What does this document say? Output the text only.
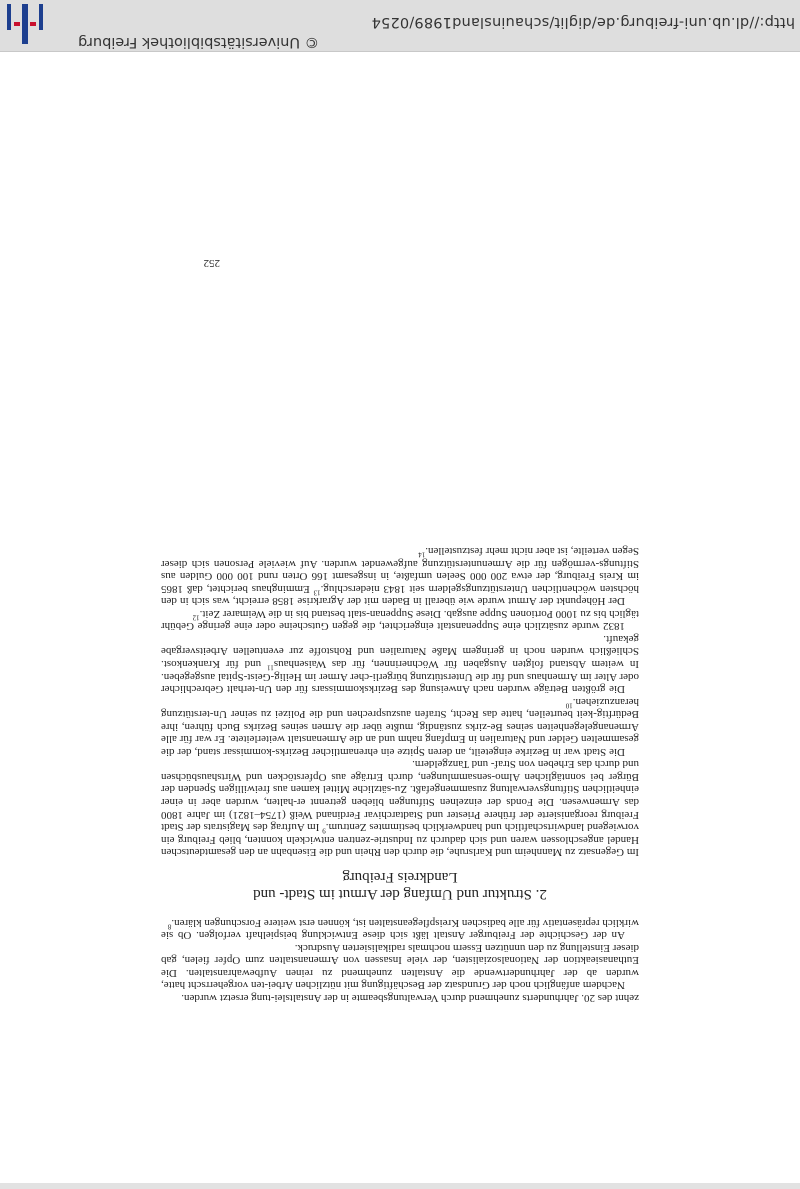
zehnt des 20. Jahrhunderts zunehmend durch Verwaltungsbeamte in der Anstaltslei-tung ersetzt wurden.

Nachdem anfänglich noch der Grundsatz der Beschäftigung mit nützlichen Arbei-ten vorgeherrscht hatte, wurden ab der Jahrhundertwende die Anstalten zunehmend zu reinen Aufbewahranstalten. Die Euthanasieaktion der Nationalsozialisten, der viele Insassen von Armenanstalten zum Opfer fielen, gab dieser Einstellung zu den unnützen Essern nochmals radikalisierten Ausdruck.

An der Geschichte der Freiburger Anstalt läßt sich diese Entwicklung beispielhaft verfolgen. Ob sie wirklich repräsentativ für alle badischen Kreispflegeanstalten ist, können erst weitere Forschungen klären.$^8$

2. Struktur und Umfang der Armut im Stadt- und
Landkreis Freiburg

Im Gegensatz zu Mannheim und Karlsruhe, die durch den Rhein und die Eisenbahn an den gesamtdeutschen Handel angeschlossen waren und sich dadurch zu Industrie-zentren entwickeln konnten, blieb Freiburg ein vorwiegend landwirtschaftlich und handwerklich bestimmtes Zentrum.$^9$ Im Auftrag des Magistrats der Stadt Freiburg reorganisierte der frühere Priester und Stadtarchivar Ferdinand Weiß (1754–1821) im Jahre 1800 das Armenwesen. Die Fonds der einzelnen Stiftungen blieben getrennt er-halten, wurden aber in einer einheitlichen Stiftungsverwaltung zusammengefaßt. Zu-sätzliche Mittel kamen aus freiwilligen Spenden der Bürger bei sonntäglichen Almo-sensammlungen, durch Erträge aus Opferstöcken und Wirtshausbüchsen und durch das Erheben von Straf- und Tanzgeldern.

Die Stadt war in Bezirke eingeteilt, an deren Spitze ein ehrenamtlicher Bezirks-kommissar stand, der die gesammelten Gelder und Naturalien in Empfang nahm und an die Armenanstalt weiterleitete. Er war für alle Armenangelegenheiten seines Be-zirks zuständig, mußte über die Armen seines Bezirks Buch führen, ihre Bedürftig-keit beurteilen, hatte das Recht, Strafen auszusprechen und die Polizei zu seiner Un-terstützung heranzuziehen.$^{10}$

Die größten Beträge wurden nach Anweisung des Bezirkskommissars für den Un-terhalt Gebrechlicher oder Alter im Armenhaus und für die Unterstützung bürgerli-cher Armer im Heilig-Geist-Spital ausgegeben. In weitem Abstand folgten Ausgaben für Wöchnerinnen, für das Waisenhaus$^{11}$ und für Krankenkost. Schließlich wurden noch in geringem Maße Naturalien und Rohstoffe zur eventuellen Arbeitsvergabe gekauft.

1832 wurde zusätzlich eine Suppenanstalt eingerichtet, die gegen Gutscheine oder eine geringe Gebühr täglich bis zu 1000 Portionen Suppe ausgab. Diese Suppenan-stalt bestand bis in die Weimarer Zeit.$^{12}$

Der Höhepunkt der Armut wurde wie überall in Baden mit der Agrarkrise 1858 erreicht, was sich in den höchsten wöchentlichen Unterstützungsgeldern seit 1843 niederschlug.$^{13}$ Emminghaus berichtet, daß 1865 im Kreis Freiburg, der etwa 200 000 Seelen umfaßte, in insgesamt 166 Orten rund 100 000 Gulden aus Stiftungs-vermögen für die Armenunterstützung aufgewendet wurden. Auf wieviele Personen sich dieser Segen verteilte, ist aber nicht mehr festzustellen.$^{14}$

252
© Universitätsbibliothek Freiburg
http://dl.ub.uni-freiburg.de/diglit/schauinsland1989/0254
